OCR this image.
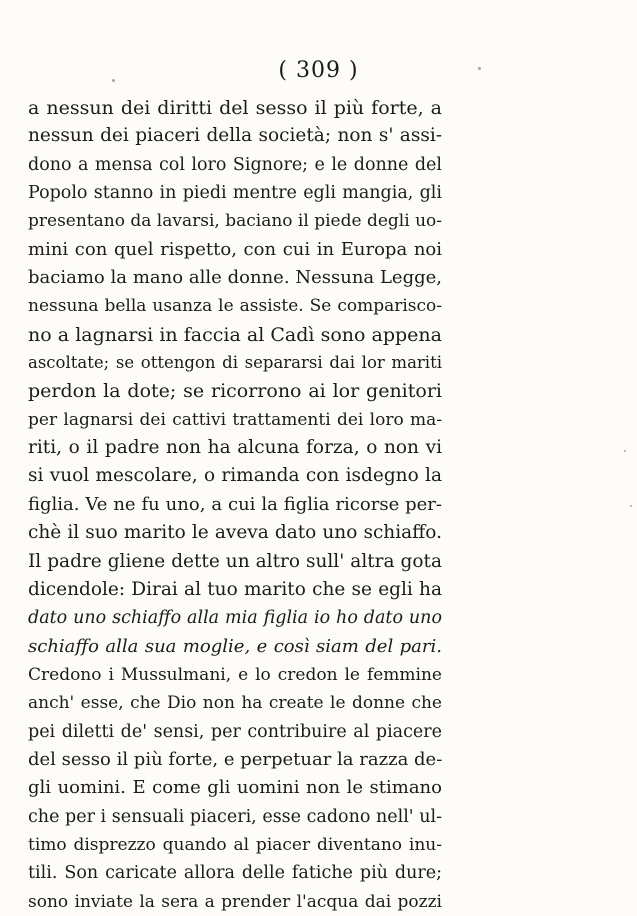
( 309 )
a nessun dei diritti del sesso il più forte, a
nessun dei piaceri della società; non s' assi-
dono a mensa col loro Signore; e le donne del
Popolo stanno in piedi mentre egli mangia, gli
presentano da lavarsi, baciano il piede degli uo-
mini con quel rispetto, con cui in Europa noi
baciamo la mano alle donne. Nessuna Legge,
nessuna bella usanza le assiste. Se comparisco-
no a lagnarsi in faccia al Cadì sono appena
ascoltate; se ottengon di separarsi dai lor mariti
perdon la dote; se ricorrono ai lor genitori
per lagnarsi dei cattivi trattamenti dei loro ma-
riti, o il padre non ha alcuna forza, o non vi
si vuol mescolare, o rimanda con isdegno la
figlia. Ve ne fu uno, a cui la figlia ricorse per-
chè il suo marito le aveva dato uno schiaffo.
Il padre gliene dette un altro sull' altra gota
dicendole: Dirai al tuo marito che se egli ha
dato uno schiaffo alla mia figlia io ho dato uno
schiaffo alla sua moglie, e così siam del pari.
Credono i Mussulmani, e lo credon le femmine
anch' esse, che Dio non ha create le donne che
pei diletti de' sensi, per contribuire al piacere
del sesso il più forte, e perpetuar la razza de-
gli uomini. E come gli uomini non le stimano
che per i sensuali piaceri, esse cadono nell' ul-
timo disprezzo quando al piacer diventano inu-
tili. Son caricate allora delle fatiche più dure;
sono inviate la sera a prender l'acqua dai pozzi
